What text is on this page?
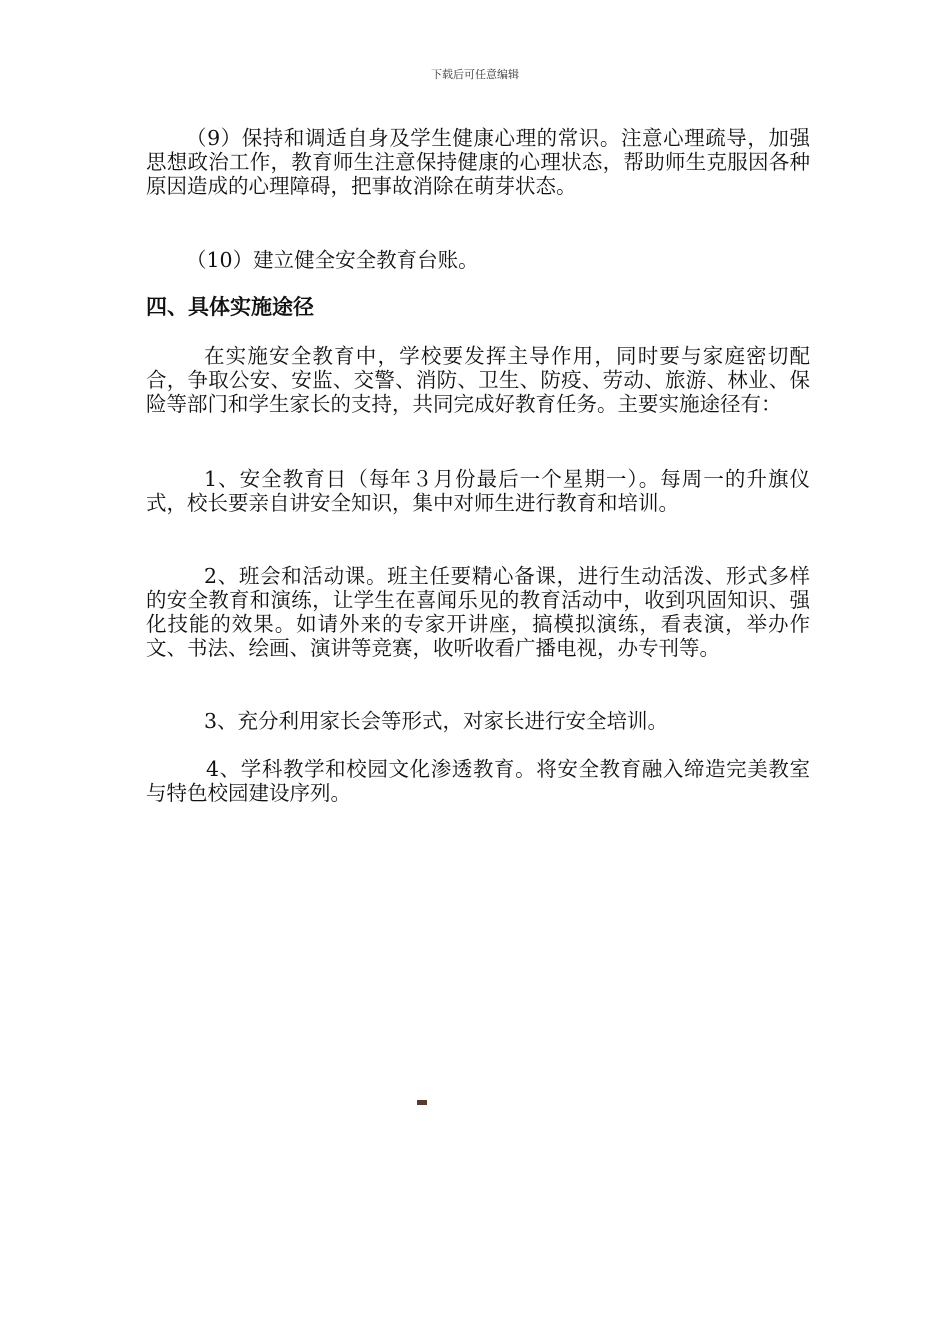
下载后可任意编辑

（9）保持和调适自身及学生健康心理的常识。注意心理疏导，加强思想政治工作，教育师生注意保持健康的心理状态，帮助师生克服因各种原因造成的心理障碍，把事故消除在萌芽状态。

（10）建立健全安全教育台账。

四、具体实施途径

在实施安全教育中，学校要发挥主导作用，同时要与家庭密切配合，争取公安、安监、交警、消防、卫生、防疫、劳动、旅游、林业、保险等部门和学生家长的支持，共同完成好教育任务。主要实施途径有：

1、安全教育日（每年３月份最后一个星期一）。每周一的升旗仪式，校长要亲自讲安全知识，集中对师生进行教育和培训。

2、班会和活动课。班主任要精心备课，进行生动活泼、形式多样的安全教育和演练，让学生在喜闻乐见的教育活动中，收到巩固知识、强化技能的效果。如请外来的专家开讲座，搞模拟演练，看表演，举办作文、书法、绘画、演讲等竞赛，收听收看广播电视，办专刊等。

3、充分利用家长会等形式，对家长进行安全培训。

4、学科教学和校园文化渗透教育。将安全教育融入缔造完美教室与特色校园建设序列。
